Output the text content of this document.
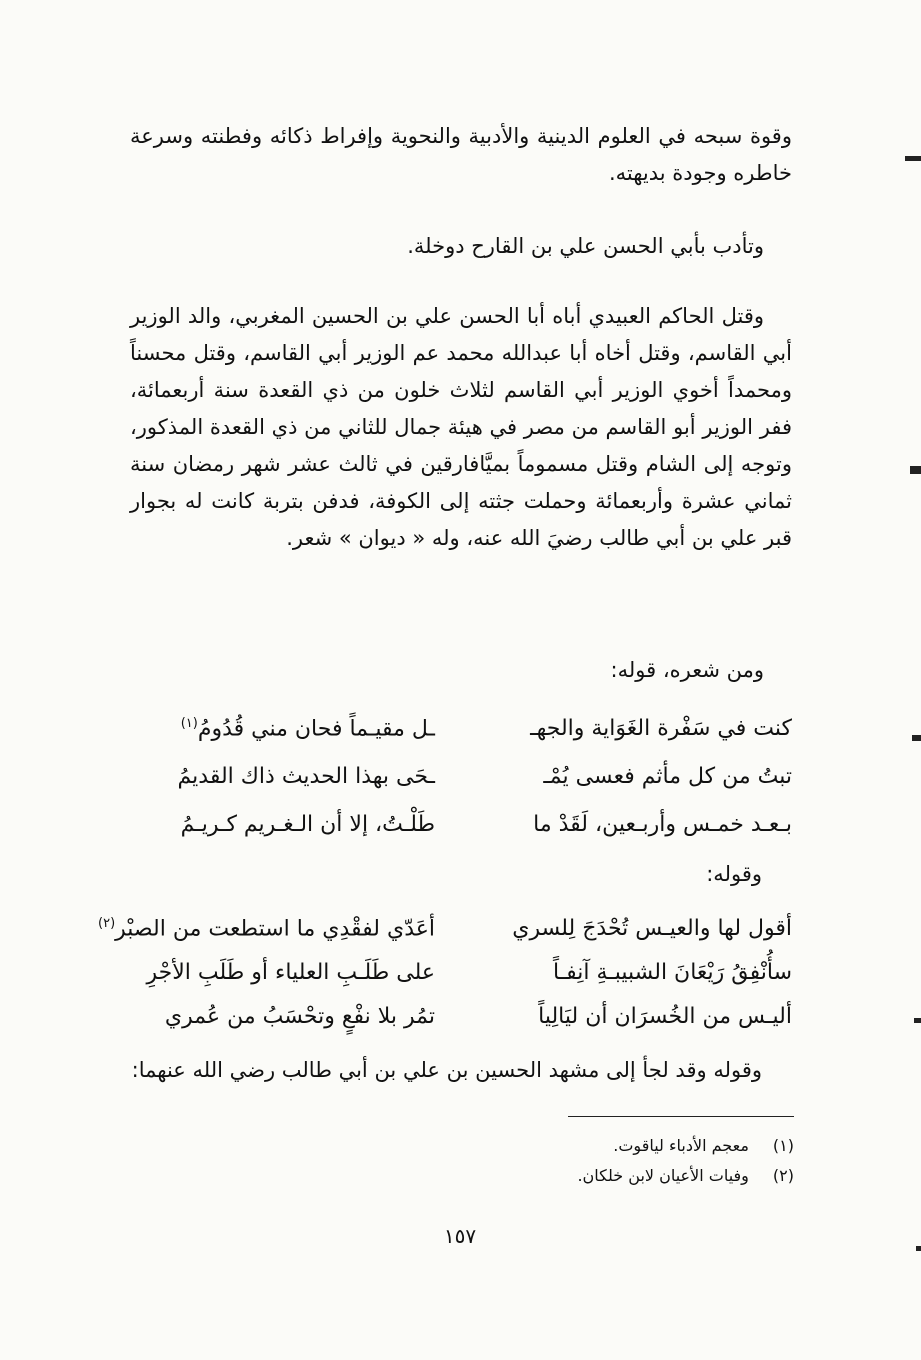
وقوة سبحه في العلوم الدينية والأدبية والنحوية وإفراط ذكائه وفطنته وسرعة خاطره وجودة بديهته.
وتأدب بأبي الحسن علي بن القارح دوخلة.
وقتل الحاكم العبيدي أباه أبا الحسن علي بن الحسين المغربي، والد الوزير أبي القاسم، وقتل أخاه أبا عبدالله محمد عم الوزير أبي القاسم، وقتل محسناً ومحمداً أخوي الوزير أبي القاسم لثلاث خلون من ذي القعدة سنة أربعمائة، ففر الوزير أبو القاسم من مصر في هيئة جمال للثاني من ذي القعدة المذكور، وتوجه إلى الشام وقتل مسموماً بميَّافارقين في ثالث عشر شهر رمضان سنة ثماني عشرة وأربعمائة وحملت جثته إلى الكوفة، فدفن بتربة كانت له بجوار قبر علي بن أبي طالب رضيَ الله عنه، وله « ديوان » شعر.
ومن شعره، قوله:
كنت في سَفْرة الغَوَاية والجهـ
ـل مقيـماً فحان مني قُدُومُ$^{(١)}$
تبتُ من كل مأثم فعسى يُمْـ
ـحَى بهذا الحديث ذاك القديمُ
بـعـد خمـس وأربـعين، لَقَدْ ما
طَلْـتُ، إلا أن الـغـريم كـريـمُ
وقوله:
أقول لها والعيـس تُحْدَجَ لِلسري
أعَدّي لفقْدِي ما استطعت من الصبْر$^{(٢)}$
سأُنْفِقُ رَيْعَانَ الشبيبـةِ آنِفـاً
على طَلَـبِ العلياء أو طَلَبِ الأجْرِ
أليـس من الخُسرَان أن ليَالِياً
تمُر بلا نفْعٍ وتحْسَبُ من عُمري
وقوله وقد لجأ إلى مشهد الحسين بن علي بن أبي طالب رضي الله عنهما:
(١) معجم الأدباء لياقوت.
(٢) وفيات الأعيان لابن خلكان.
١٥٧
